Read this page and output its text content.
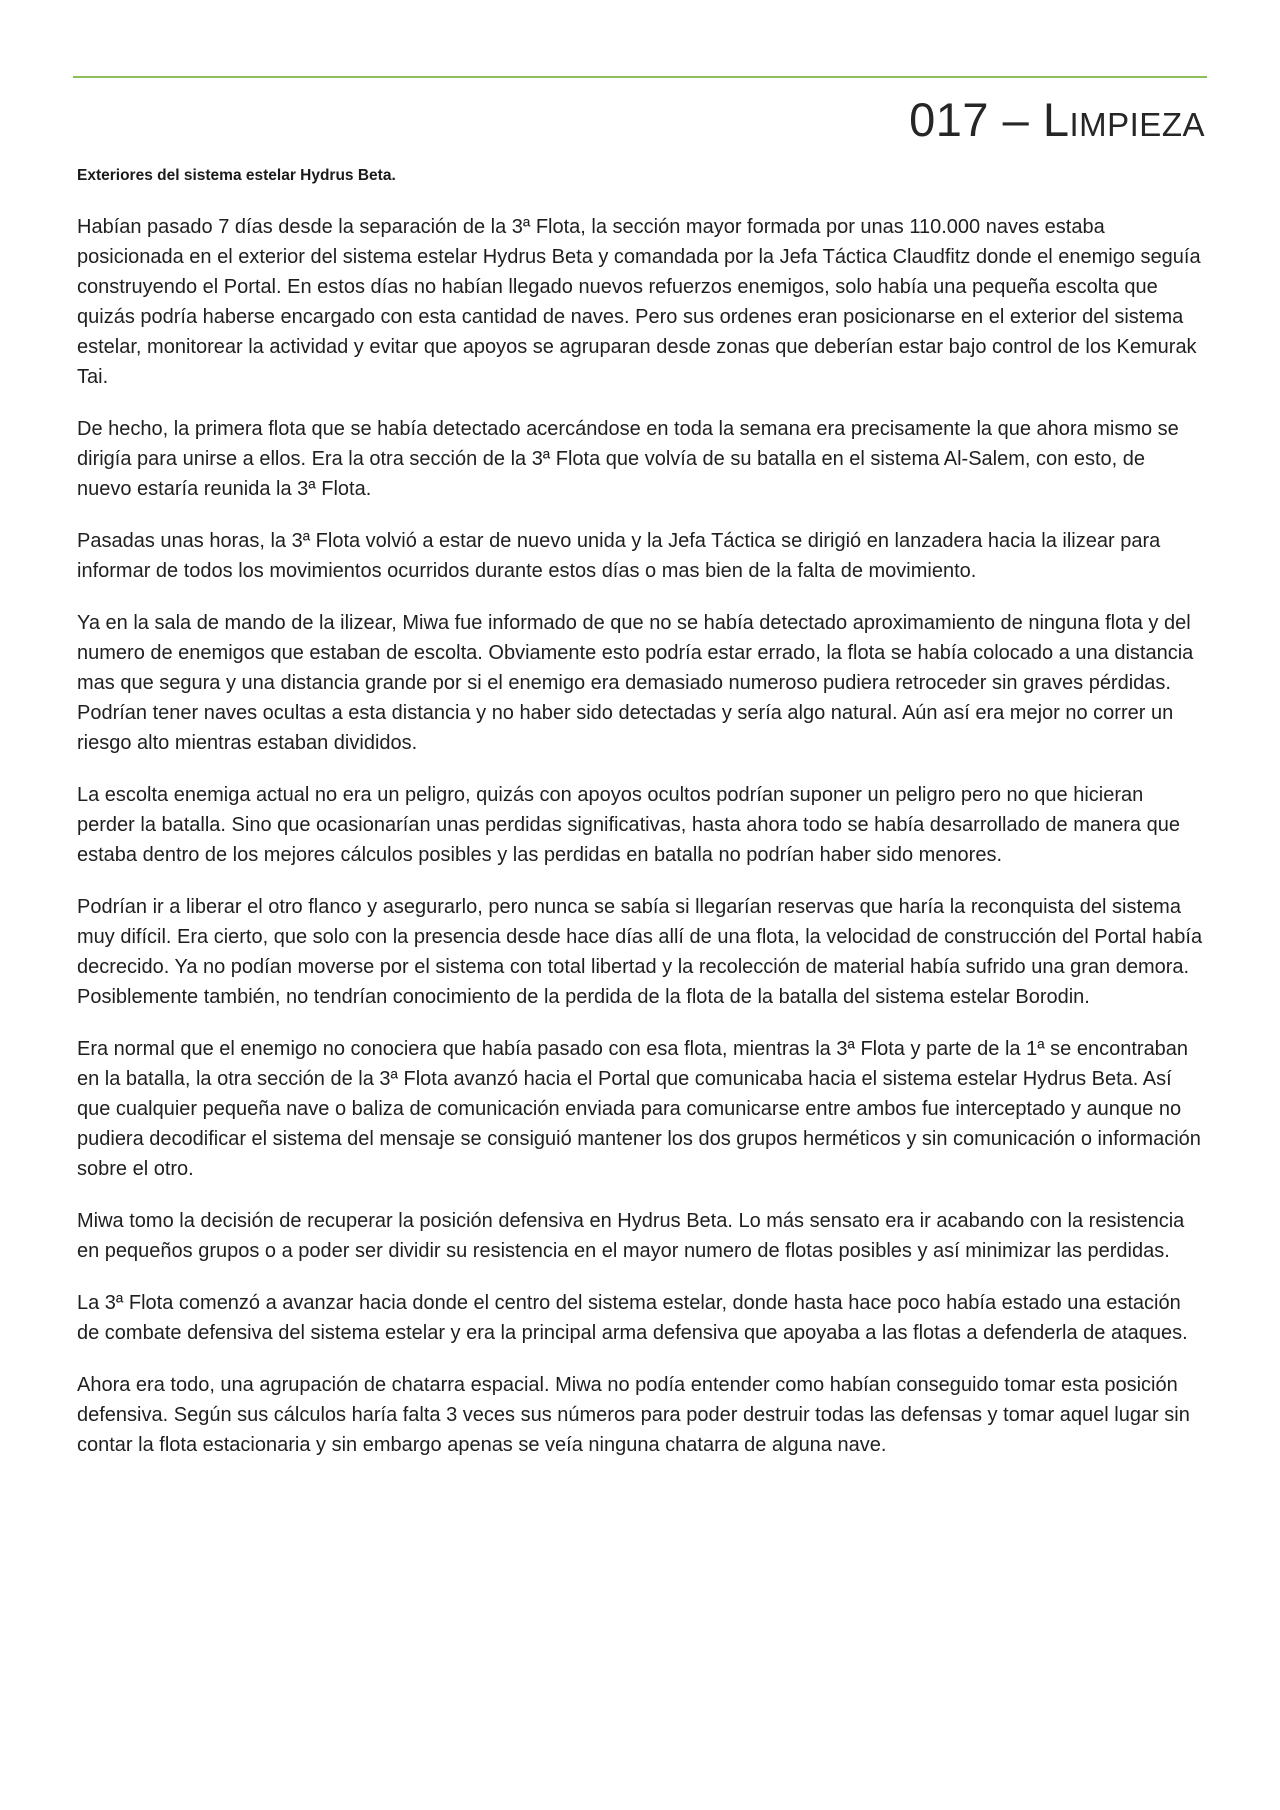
017 – Limpieza
Exteriores del sistema estelar Hydrus Beta.

Habían pasado 7 días desde la separación de la 3ª Flota, la sección mayor formada por unas 110.000 naves estaba posicionada en el exterior del sistema estelar Hydrus Beta y comandada por la Jefa Táctica Claudfitz donde el enemigo seguía construyendo el Portal. En estos días no habían llegado nuevos refuerzos enemigos, solo había una pequeña escolta que quizás podría haberse encargado con esta cantidad de naves. Pero sus ordenes eran posicionarse en el exterior del sistema estelar, monitorear la actividad y evitar que apoyos se agruparan desde zonas que deberían estar bajo control de los Kemurak Tai.

De hecho, la primera flota que se había detectado acercándose en toda la semana era precisamente la que ahora mismo se dirigía para unirse a ellos. Era la otra sección de la 3ª Flota que volvía de su batalla en el sistema Al-Salem, con esto, de nuevo estaría reunida la 3ª Flota.

Pasadas unas horas, la 3ª Flota volvió a estar de nuevo unida y la Jefa Táctica se dirigió en lanzadera hacia la ilizear para informar de todos los movimientos ocurridos durante estos días o mas bien de la falta de movimiento.

Ya en la sala de mando de la ilizear, Miwa fue informado de que no se había detectado aproximamiento de ninguna flota y del numero de enemigos que estaban de escolta. Obviamente esto podría estar errado, la flota se había colocado a una distancia mas que segura y una distancia grande por si el enemigo era demasiado numeroso pudiera retroceder sin graves pérdidas. Podrían tener naves ocultas a esta distancia y no haber sido detectadas y sería algo natural. Aún así era mejor no correr un riesgo alto mientras estaban divididos.

La escolta enemiga actual no era un peligro, quizás con apoyos ocultos podrían suponer un peligro pero no que hicieran perder la batalla. Sino que ocasionarían unas perdidas significativas, hasta ahora todo se había desarrollado de manera que estaba dentro de los mejores cálculos posibles y las perdidas en batalla no podrían haber sido menores.

Podrían ir a liberar el otro flanco y asegurarlo, pero nunca se sabía si llegarían reservas que haría la reconquista del sistema muy difícil. Era cierto, que solo con la presencia desde hace días allí de una flota, la velocidad de construcción del Portal había decrecido. Ya no podían moverse por el sistema con total libertad y la recolección de material había sufrido una gran demora. Posiblemente también, no tendrían conocimiento de la perdida de la flota de la batalla del sistema estelar Borodin.

Era normal que el enemigo no conociera que había pasado con esa flota, mientras la 3ª Flota y parte de la 1ª se encontraban en la batalla, la otra sección de la 3ª Flota avanzó hacia el Portal que comunicaba hacia el sistema estelar Hydrus Beta. Así que cualquier pequeña nave o baliza de comunicación enviada para comunicarse entre ambos fue interceptado y aunque no pudiera decodificar el sistema del mensaje se consiguió mantener los dos grupos herméticos y sin comunicación o información sobre el otro.

Miwa tomo la decisión de recuperar la posición defensiva en Hydrus Beta. Lo más sensato era ir acabando con la resistencia en pequeños grupos o a poder ser dividir su resistencia en el mayor numero de flotas posibles y así minimizar las perdidas.

La 3ª Flota comenzó a avanzar hacia donde el centro del sistema estelar, donde hasta hace poco había estado una estación de combate defensiva del sistema estelar y era la principal arma defensiva que apoyaba a las flotas a defenderla de ataques.

Ahora era todo, una agrupación de chatarra espacial. Miwa no podía entender como habían conseguido tomar esta posición defensiva. Según sus cálculos haría falta 3 veces sus números para poder destruir todas las defensas y tomar aquel lugar sin contar la flota estacionaria y sin embargo apenas se veía ninguna chatarra de alguna nave.
